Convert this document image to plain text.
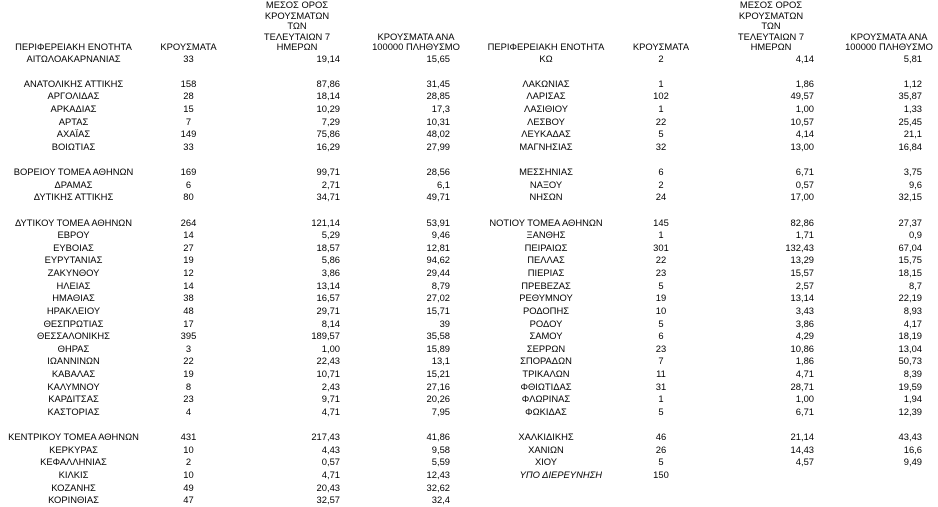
ΠΕΡΙΦΕΡΕΙΑΚΗ ΕΝΟΤΗΤΑ	ΚΡΟΥΣΜΑΤΑ	ΜΕΣΟΣ ΟΡΟΣ ΚΡΟΥΣΜΑΤΩΝ ΤΩΝ ΤΕΛΕΥΤΑΙΩΝ 7 ΗΜΕΡΩΝ	ΚΡΟΥΣΜΑΤΑ ΑΝΑ 100000 ΠΛΗΘΥΣΜΟ
ΑΙΤΩΛΟΑΚΑΡΝΑΝΙΑΣ	33	19,14	15,65

ΑΝΑΤΟΛΙΚΗΣ ΑΤΤΙΚΗΣ	158	87,86	31,45
ΑΡΓΟΛΙΔΑΣ	28	18,14	28,85
ΑΡΚΑΔΙΑΣ	15	10,29	17,3
ΑΡΤΑΣ	7	7,29	10,31
ΑΧΑΪΑΣ	149	75,86	48,02
ΒΟΙΩΤΙΑΣ	33	16,29	27,99

ΒΟΡΕΙΟΥ ΤΟΜΕΑ ΑΘΗΝΩΝ	169	99,71	28,56
ΔΡΑΜΑΣ	6	2,71	6,1
ΔΥΤΙΚΗΣ ΑΤΤΙΚΗΣ	80	34,71	49,71

ΔΥΤΙΚΟΥ ΤΟΜΕΑ ΑΘΗΝΩΝ	264	121,14	53,91
ΕΒΡΟΥ	14	5,29	9,46
ΕΥΒΟΙΑΣ	27	18,57	12,81
ΕΥΡΥΤΑΝΙΑΣ	19	5,86	94,62
ΖΑΚΥΝΘΟΥ	12	3,86	29,44
ΗΛΕΙΑΣ	14	13,14	8,79
ΗΜΑΘΙΑΣ	38	16,57	27,02
ΗΡΑΚΛΕΙΟΥ	48	29,71	15,71
ΘΕΣΠΡΩΤΙΑΣ	17	8,14	39
ΘΕΣΣΑΛΟΝΙΚΗΣ	395	189,57	35,58
ΘΗΡΑΣ	3	1,00	15,89
ΙΩΑΝΝΙΝΩΝ	22	22,43	13,1
ΚΑΒΑΛΑΣ	19	10,71	15,21
ΚΑΛΥΜΝΟΥ	8	2,43	27,16
ΚΑΡΔΙΤΣΑΣ	23	9,71	20,26
ΚΑΣΤΟΡΙΑΣ	4	4,71	7,95

ΚΕΝΤΡΙΚΟΥ ΤΟΜΕΑ ΑΘΗΝΩΝ	431	217,43	41,86
ΚΕΡΚΥΡΑΣ	10	4,43	9,58
ΚΕΦΑΛΛΗΝΙΑΣ	2	0,57	5,59
ΚΙΛΚΙΣ	10	4,71	12,43
ΚΟΖΑΝΗΣ	49	20,43	32,62
ΚΟΡΙΝΘΙΑΣ	47	32,57	32,4
ΠΕΡΙΦΕΡΕΙΑΚΗ ΕΝΟΤΗΤΑ	ΚΡΟΥΣΜΑΤΑ	ΜΕΣΟΣ ΟΡΟΣ ΚΡΟΥΣΜΑΤΩΝ ΤΩΝ ΤΕΛΕΥΤΑΙΩΝ 7 ΗΜΕΡΩΝ	ΚΡΟΥΣΜΑΤΑ ΑΝΑ 100000 ΠΛΗΘΥΣΜΟ
ΚΩ	2	4,14	5,81

ΛΑΚΩΝΙΑΣ	1	1,86	1,12
ΛΑΡΙΣΑΣ	102	49,57	35,87
ΛΑΣΙΘΙΟΥ	1	1,00	1,33
ΛΕΣΒΟΥ	22	10,57	25,45
ΛΕΥΚΑΔΑΣ	5	4,14	21,1
ΜΑΓΝΗΣΙΑΣ	32	13,00	16,84

ΜΕΣΣΗΝΙΑΣ	6	6,71	3,75
ΝΑΞΟΥ	2	0,57	9,6
ΝΗΣΩΝ	24	17,00	32,15

ΝΟΤΙΟΥ ΤΟΜΕΑ ΑΘΗΝΩΝ	145	82,86	27,37
ΞΑΝΘΗΣ	1	1,71	0,9
ΠΕΙΡΑΙΩΣ	301	132,43	67,04
ΠΕΛΛΑΣ	22	13,29	15,75
ΠΙΕΡΙΑΣ	23	15,57	18,15
ΠΡΕΒΕΖΑΣ	5	2,57	8,7
ΡΕΘΥΜΝΟΥ	19	13,14	22,19
ΡΟΔΟΠΗΣ	10	3,43	8,93
ΡΟΔΟΥ	5	3,86	4,17
ΣΑΜΟΥ	6	4,29	18,19
ΣΕΡΡΩΝ	23	10,86	13,04
ΣΠΟΡΑΔΩΝ	7	1,86	50,73
ΤΡΙΚΑΛΩΝ	11	4,71	8,39
ΦΘΙΩΤΙΔΑΣ	31	28,71	19,59
ΦΛΩΡΙΝΑΣ	1	1,00	1,94
ΦΩΚΙΔΑΣ	5	6,71	12,39

ΧΑΛΚΙΔΙΚΗΣ	46	21,14	43,43
ΧΑΝΙΩΝ	26	14,43	16,6
ΧΙΟΥ	5	4,57	9,49
ΥΠΟ ΔΙΕΡΕΥΝΗΣΗ	150		
